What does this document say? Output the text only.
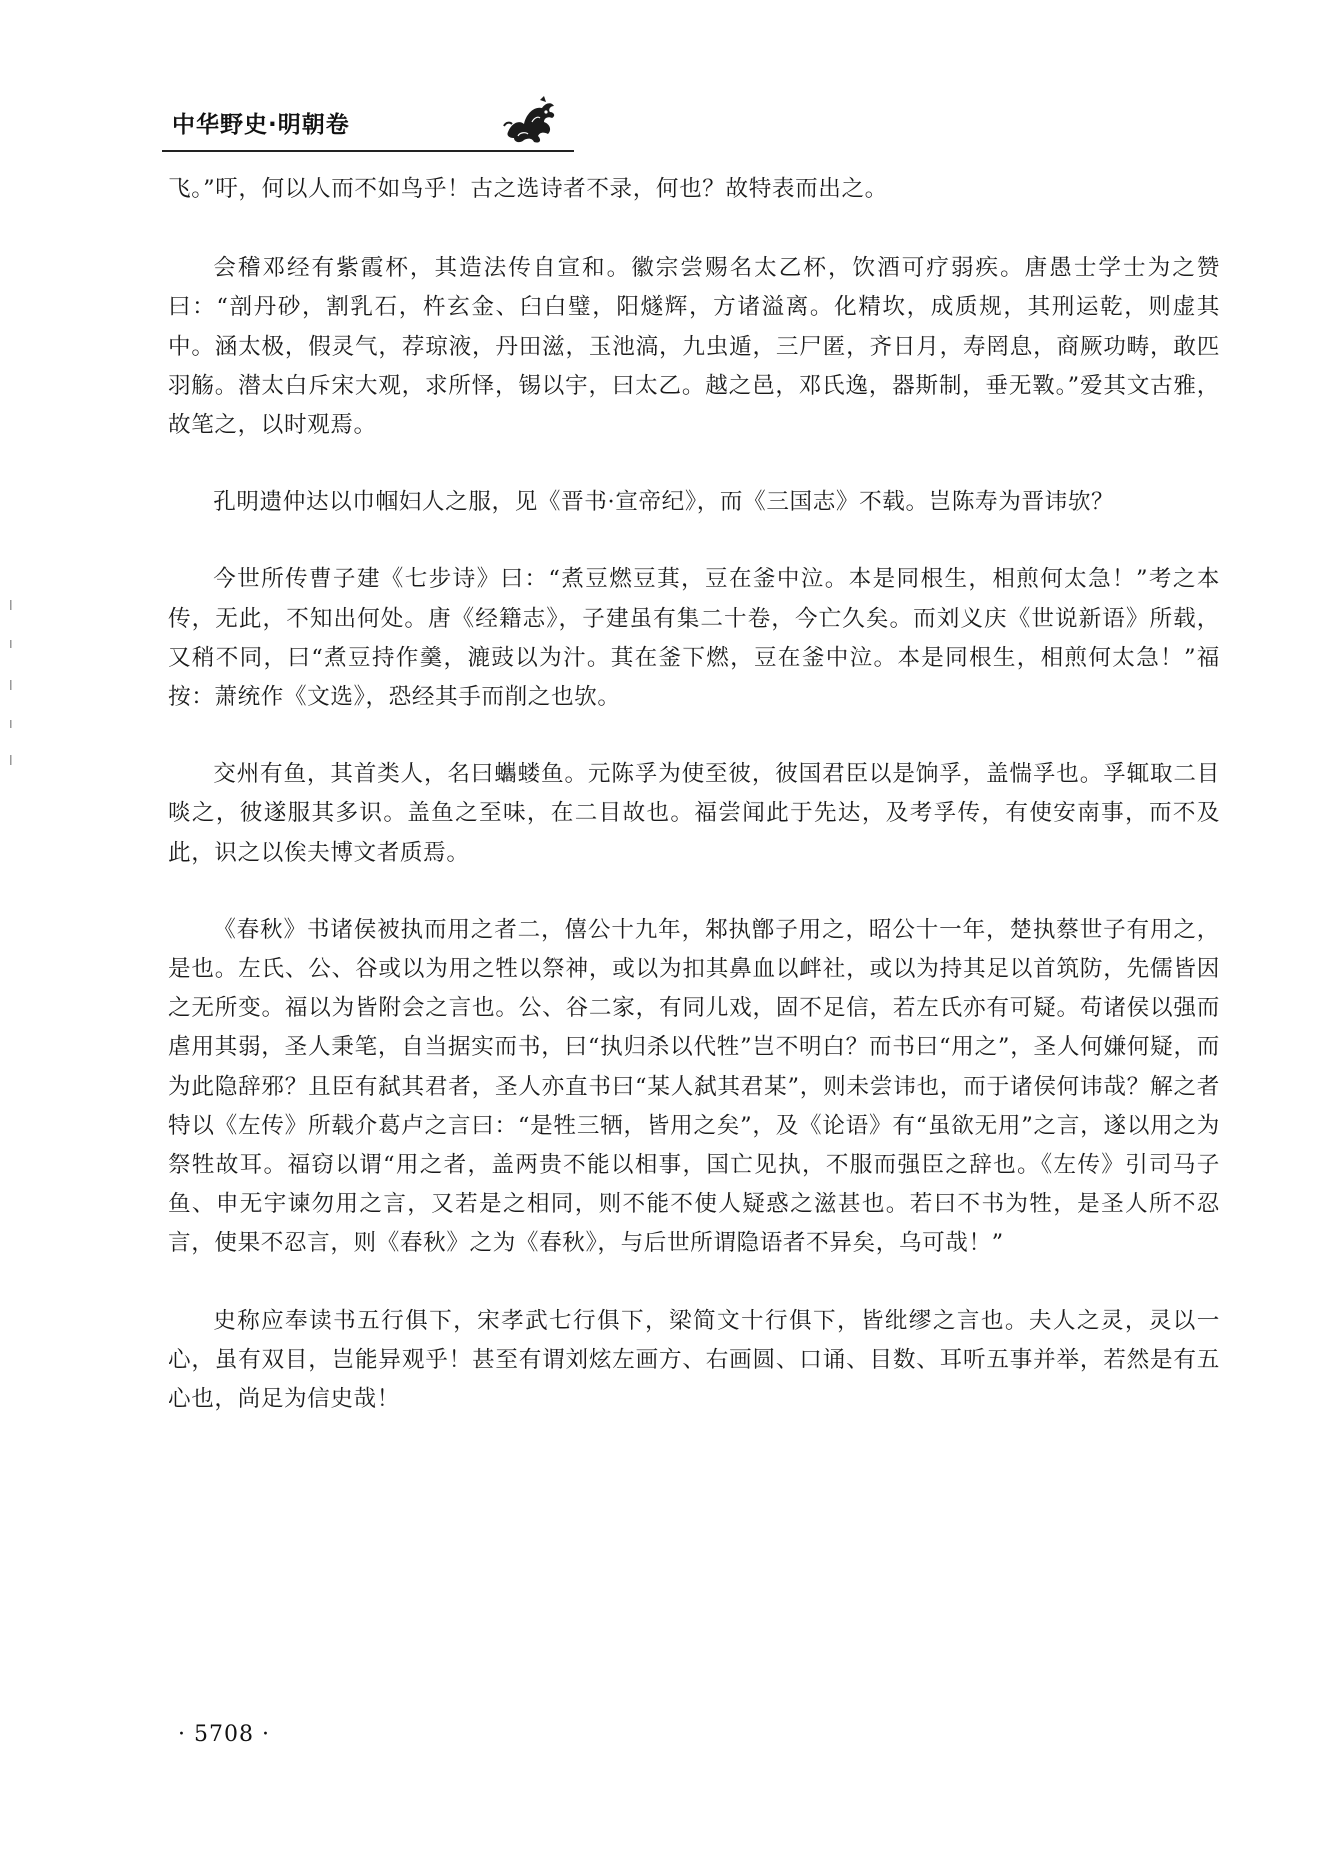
中华野史·明朝卷

飞。”吁，何以人而不如鸟乎！古之选诗者不录，何也？故特表而出之。

会稽邓经有紫霞杯，其造法传自宣和。徽宗尝赐名太乙杯，饮酒可疗弱疾。唐愚士学士为之赞曰：“剖丹砂，割乳石，杵玄金、臼白璧，阳燧辉，方诸溢离。化精坎，成质规，其刑运乾，则虚其中。涵太极，假灵气，荐琼液，丹田滋，玉池滈，九虫遁，三尸匿，齐日月，寿罔息，商厥功畴，敢匹羽觞。潜太白斥宋大观，求所怿，锡以宇，曰太乙。越之邑，邓氏逸，器斯制，垂无斁。”爱其文古雅，故笔之，以时观焉。

孔明遗仲达以巾帼妇人之服，见《晋书·宣帝纪》，而《三国志》不载。岂陈寿为晋讳欤？

今世所传曹子建《七步诗》曰：“煮豆燃豆萁，豆在釜中泣。本是同根生，相煎何太急！”考之本传，无此，不知出何处。唐《经籍志》，子建虽有集二十卷，今亡久矣。而刘义庆《世说新语》所载，又稍不同，曰“煮豆持作羹，漉豉以为汁。萁在釜下燃，豆在釜中泣。本是同根生，相煎何太急！”福按：萧统作《文选》，恐经其手而削之也欤。

交州有鱼，其首类人，名曰蠵蝼鱼。元陈孚为使至彼，彼国君臣以是饷孚，盖惴孚也。孚辄取二目啖之，彼遂服其多识。盖鱼之至味，在二目故也。福尝闻此于先达，及考孚传，有使安南事，而不及此，识之以俟夫博文者质焉。

《春秋》书诸侯被执而用之者二，僖公十九年，邾执鄫子用之，昭公十一年，楚执蔡世子有用之，是也。左氏、公、谷或以为用之牲以祭神，或以为扣其鼻血以衅社，或以为持其足以首筑防，先儒皆因之无所变。福以为皆附会之言也。公、谷二家，有同儿戏，固不足信，若左氏亦有可疑。苟诸侯以强而虐用其弱，圣人秉笔，自当据实而书，曰“执归杀以代牲”岂不明白？而书曰“用之”，圣人何嫌何疑，而为此隐辞邪？且臣有弑其君者，圣人亦直书曰“某人弑其君某”，则未尝讳也，而于诸侯何讳哉？解之者特以《左传》所载介葛卢之言曰：“是牲三牺，皆用之矣”，及《论语》有“虽欲无用”之言，遂以用之为祭牲故耳。福窃以谓“用之者，盖两贵不能以相事，国亡见执，不服而强臣之辞也。《左传》引司马子鱼、申无宇谏勿用之言，又若是之相同，则不能不使人疑惑之滋甚也。若曰不书为牲，是圣人所不忍言，使果不忍言，则《春秋》之为《春秋》，与后世所谓隐语者不异矣，乌可哉！”

史称应奉读书五行俱下，宋孝武七行俱下，梁简文十行俱下，皆纰缪之言也。夫人之灵，灵以一心，虽有双目，岂能异观乎！甚至有谓刘炫左画方、右画圆、口诵、目数、耳听五事并举，若然是有五心也，尚足为信史哉！

· 5708 ·
